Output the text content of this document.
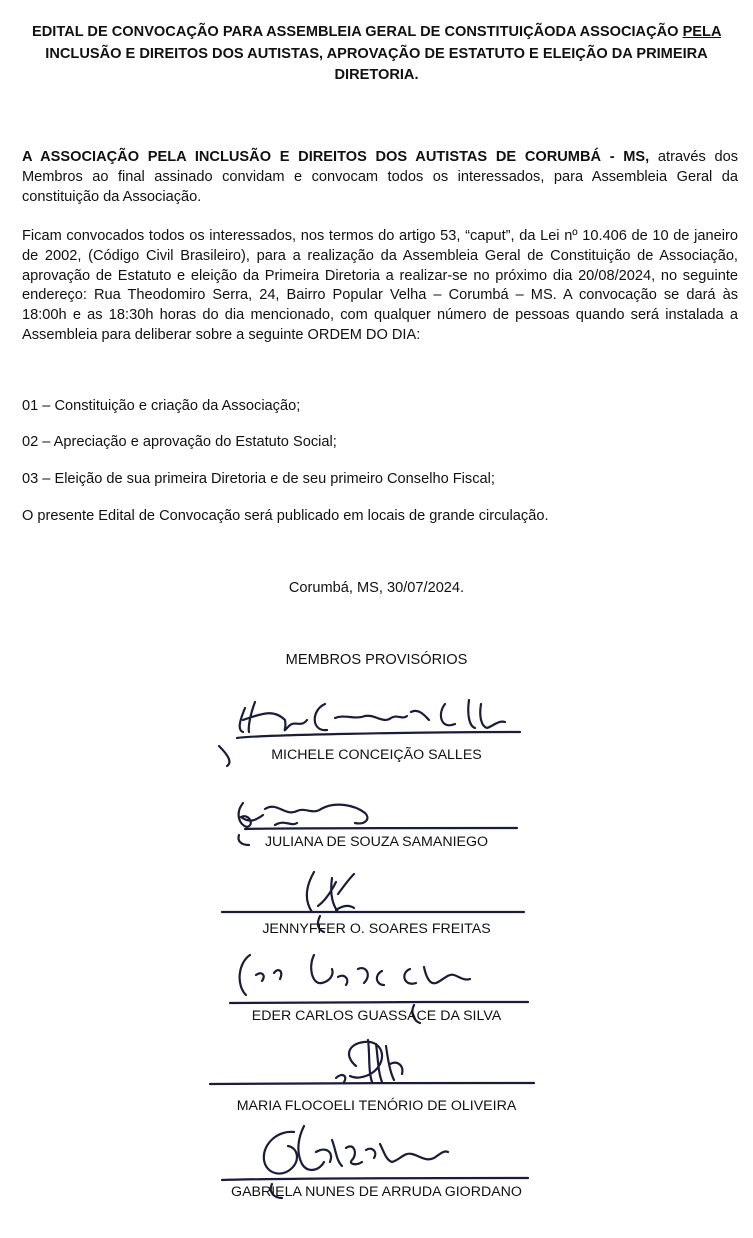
EDITAL DE CONVOCAÇÃO PARA ASSEMBLEIA GERAL DE CONSTITUIÇÃODA ASSOCIAÇÃO PELA INCLUSÃO E DIREITOS DOS AUTISTAS, APROVAÇÃO DE ESTATUTO E ELEIÇÃO DA PRIMEIRA DIRETORIA.

A ASSOCIAÇÃO PELA INCLUSÃO E DIREITOS DOS AUTISTAS DE CORUMBÁ - MS, através dos Membros ao final assinado convidam e convocam todos os interessados, para Assembleia Geral da constituição da Associação.

Ficam convocados todos os interessados, nos termos do artigo 53, “caput”, da Lei nº 10.406 de 10 de janeiro de 2002, (Código Civil Brasileiro), para a realização da Assembleia Geral de Constituição de Associação, aprovação de Estatuto e eleição da Primeira Diretoria a realizar-se no próximo dia 20/08/2024, no seguinte endereço: Rua Theodomiro Serra, 24, Bairro Popular Velha – Corumbá – MS. A convocação se dará às 18:00h e as 18:30h horas do dia mencionado, com qualquer número de pessoas quando será instalada a Assembleia para deliberar sobre a seguinte ORDEM DO DIA:

01 – Constituição e criação da Associação;
02 – Apreciação e aprovação do Estatuto Social;
03 – Eleição de sua primeira Diretoria e de seu primeiro Conselho Fiscal;
O presente Edital de Convocação será publicado em locais de grande circulação.
Corumbá, MS, 30/07/2024.
MEMBROS PROVISÓRIOS
MICHELE CONCEIÇÃO SALLES
JULIANA DE SOUZA SAMANIEGO
JENNYFFER O. SOARES FREITAS
EDER CARLOS GUASSACE DA SILVA
MARIA FLOCOELI TENÓRIO DE OLIVEIRA
GABRIELA NUNES DE ARRUDA GIORDANO
